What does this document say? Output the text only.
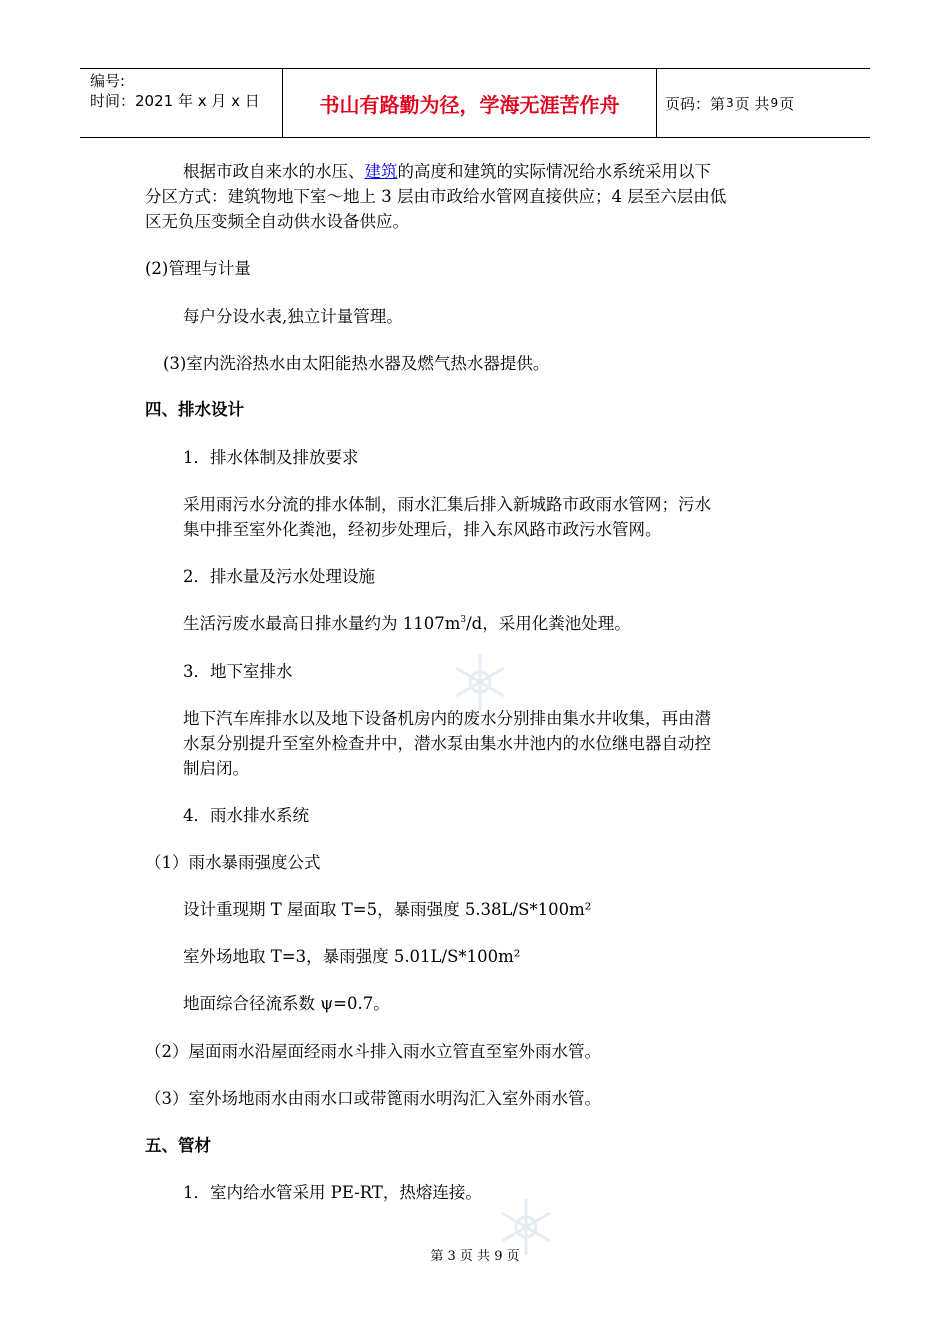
编号:
时间：2021 年 x 月 x 日	书山有路勤为径，学海无涯苦作舟	页码：第 3 页 共 9 页
根据市政自来水的水压、建筑的高度和建筑的实际情况给水系统采用以下
分区方式：建筑物地下室～地上 3 层由市政给水管网直接供应；4 层至六层由低
区无负压变频全自动供水设备供应。
(2)管理与计量
每户分设水表,独立计量管理。
(3)室内洗浴热水由太阳能热水器及燃气热水器提供。
四、排水设计
1．排水体制及排放要求
采用雨污水分流的排水体制，雨水汇集后排入新城路市政雨水管网；污水
集中排至室外化粪池，经初步处理后，排入东风路市政污水管网。
2．排水量及污水处理设施
生活污废水最高日排水量约为 $1107m^3/d$，采用化粪池处理。
3．地下室排水
地下汽车库排水以及地下设备机房内的废水分别排由集水井收集，再由潜
水泵分别提升至室外检查井中，潜水泵由集水井池内的水位继电器自动控
制启闭。
4．雨水排水系统
（1）雨水暴雨强度公式
设计重现期 T 屋面取 T=5，暴雨强度 5.38L/S*100m²
室外场地取 T=3，暴雨强度 5.01L/S*100m²
地面综合径流系数 ψ=0.7。
（2）屋面雨水沿屋面经雨水斗排入雨水立管直至室外雨水管。
（3）室外场地雨水由雨水口或带篦雨水明沟汇入室外雨水管。
五、管材
1．室内给水管采用 PE-RT，热熔连接。
第 3 页 共 9 页
